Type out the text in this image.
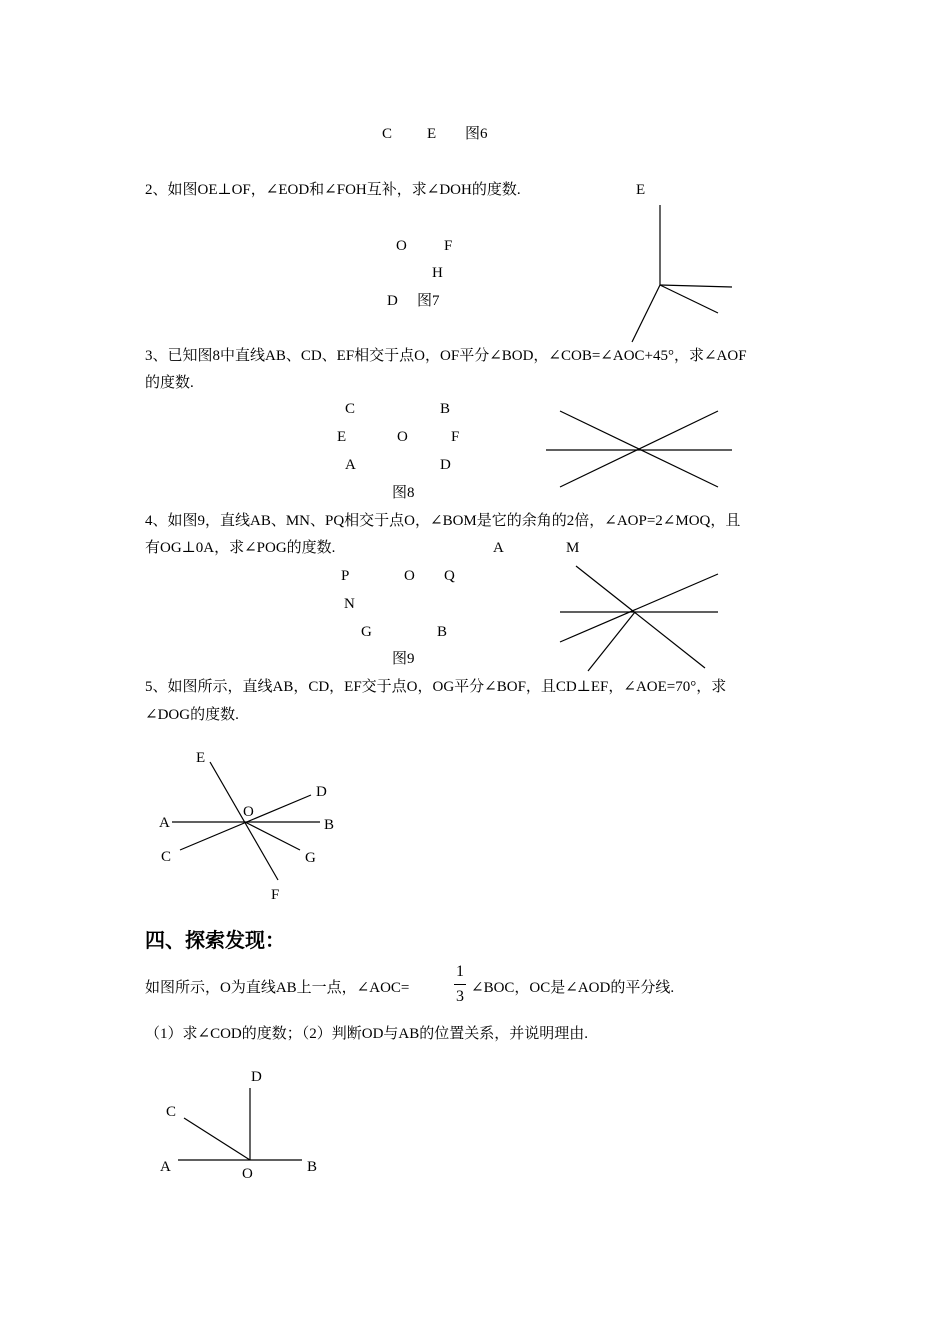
C E 图6
2、如图OE⊥OF，∠EOD和∠FOH互补，求∠DOH的度数.	E
O F
H
D 图7
3、已知图8中直线AB、CD、EF相交于点O，OF平分∠BOD，∠COB=∠AOC+45°，求∠AOF
的度数.
C	B
E	O	F
A	D
图8
4、如图9，直线AB、MN、PQ相交于点O，∠BOM是它的余角的2倍，∠AOP=2∠MOQ，且
有OG⊥0A，求∠POG的度数.	A	M
P	O Q
N
G	B
图9
5、如图所示，直线AB，CD，EF交于点O，OG平分∠BOF，且CD⊥EF，∠AOE=70°，求
∠DOG的度数.
E
D
O
A	B
C	G
F
四、探索发现：
如图所示，O为直线AB上一点，∠AOC=
1
3 ∠BOC，OC是∠AOD的平分线.
（1）求∠COD的度数；（2）判断OD与AB的位置关系，并说明理由.
D
C
A	O	B
